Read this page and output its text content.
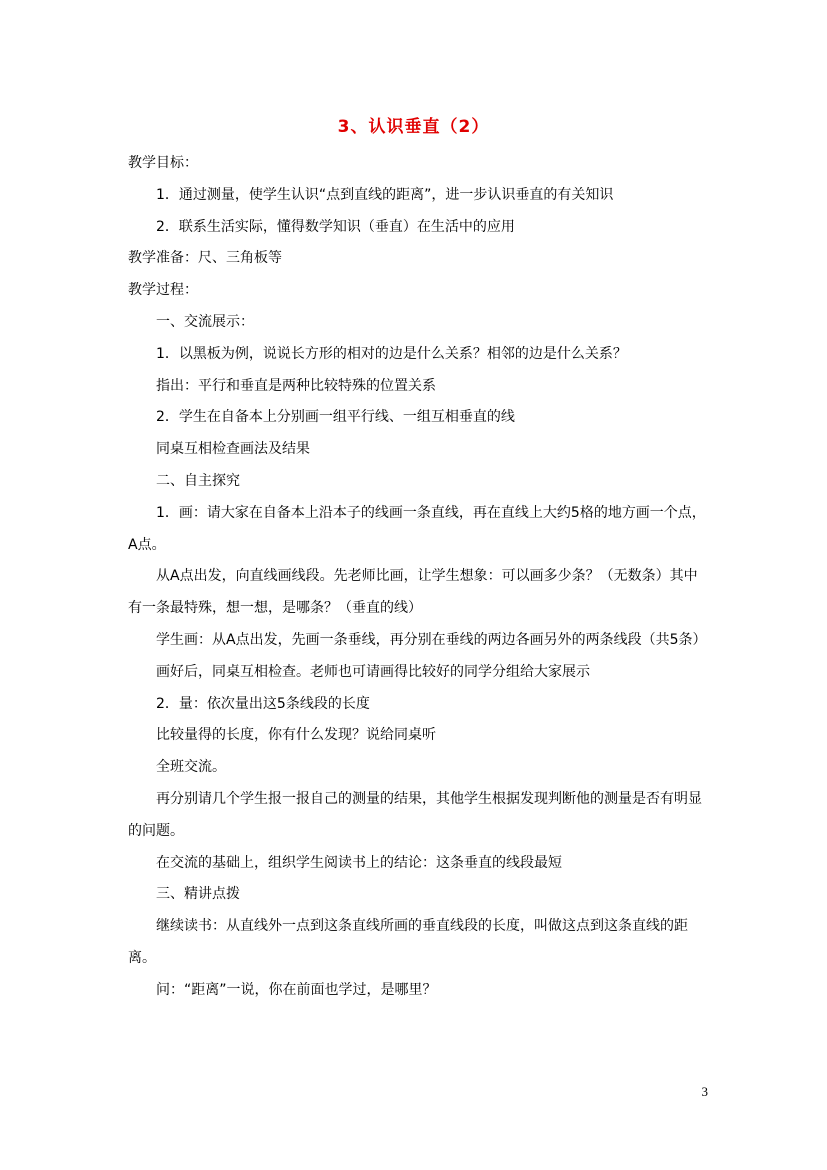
3、认识垂直（2）

教学目标：

1．通过测量，使学生认识“点到直线的距离”，进一步认识垂直的有关知识

2．联系生活实际，懂得数学知识（垂直）在生活中的应用

教学准备：尺、三角板等

教学过程：

一、交流展示：

1．以黑板为例，说说长方形的相对的边是什么关系？相邻的边是什么关系？

指出：平行和垂直是两种比较特殊的位置关系

2．学生在自备本上分别画一组平行线、一组互相垂直的线

同桌互相检查画法及结果

二、自主探究

1．画：请大家在自备本上沿本子的线画一条直线，再在直线上大约5格的地方画一个点，A点。

从A点出发，向直线画线段。先老师比画，让学生想象：可以画多少条？（无数条）其中有一条最特殊，想一想，是哪条？（垂直的线）

学生画：从A点出发，先画一条垂线，再分别在垂线的两边各画另外的两条线段（共5条）

画好后，同桌互相检查。老师也可请画得比较好的同学分组给大家展示

2．量：依次量出这5条线段的长度

比较量得的长度，你有什么发现？说给同桌听

全班交流。

再分别请几个学生报一报自己的测量的结果，其他学生根据发现判断他的测量是否有明显的问题。

在交流的基础上，组织学生阅读书上的结论：这条垂直的线段最短

三、精讲点拨

继续读书：从直线外一点到这条直线所画的垂直线段的长度，叫做这点到这条直线的距离。

问：“距离”一说，你在前面也学过，是哪里？

3
